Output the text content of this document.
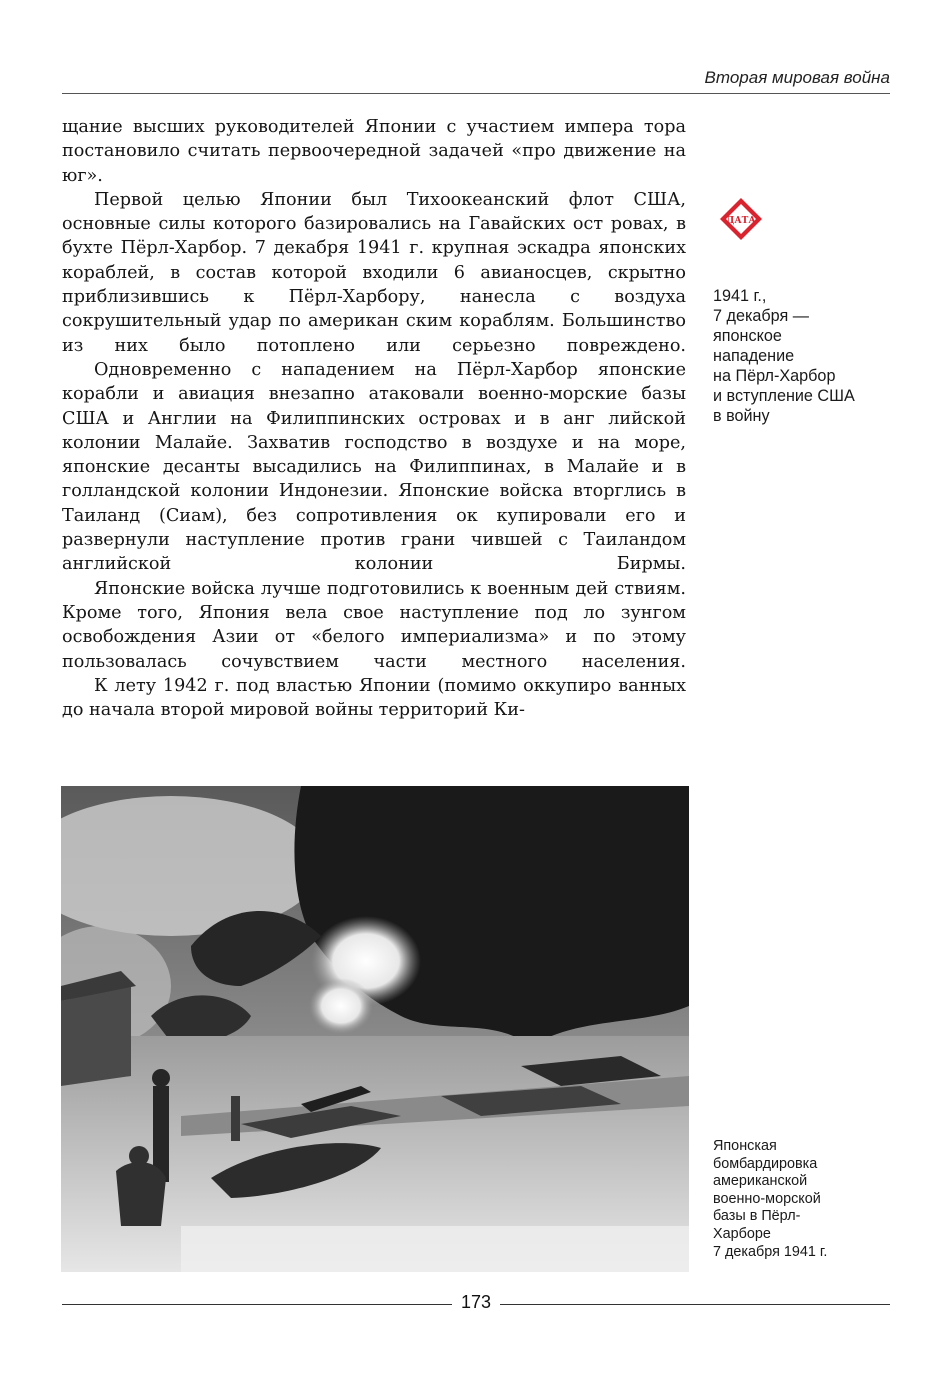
Вторая мировая война

щание высших руководителей Японии с участием импера тора постановило считать первоочередной задачей «про движение на юг».

Первой целью Японии был Тихоокеанский флот США, основные силы которого базировались на Гавайских ост ровах, в бухте Пёрл-Харбор. 7 декабря 1941 г. крупная эскадра японских кораблей, в состав которой входили 6 авианосцев, скрытно приблизившись к Пёрл-Харбору, нанесла с воздуха сокрушительный удар по американ ским кораблям. Большинство из них было потоплено или серьезно повреждено.

Одновременно с нападением на Пёрл-Харбор японские корабли и авиация внезапно атаковали военно-морские базы США и Англии на Филиппинских островах и в анг лийской колонии Малайе. Захватив господство в воздухе и на море, японские десанты высадились на Филиппинах, в Малайе и в голландской колонии Индонезии. Японские войска вторглись в Таиланд (Сиам), без сопротивления ок купировали его и развернули наступление против грани чившей с Таиландом английской колонии Бирмы.

Японские войска лучше подготовились к военным дей ствиям. Кроме того, Япония вела свое наступление под ло зунгом освобождения Азии от «белого империализма» и по этому пользовалась сочувствием части местного населения.

К лету 1942 г. под властью Японии (помимо оккупиро ванных до начала второй мировой войны территорий Ки-

ДАТА
1941 г.,
7 декабря —
японское
нападение
на Пёрл-Харбор
и вступление США
в войну
Японская
бомбардировка
американской
военно-морской
базы в Пёрл-
Харборе
7 декабря 1941 г.
173
